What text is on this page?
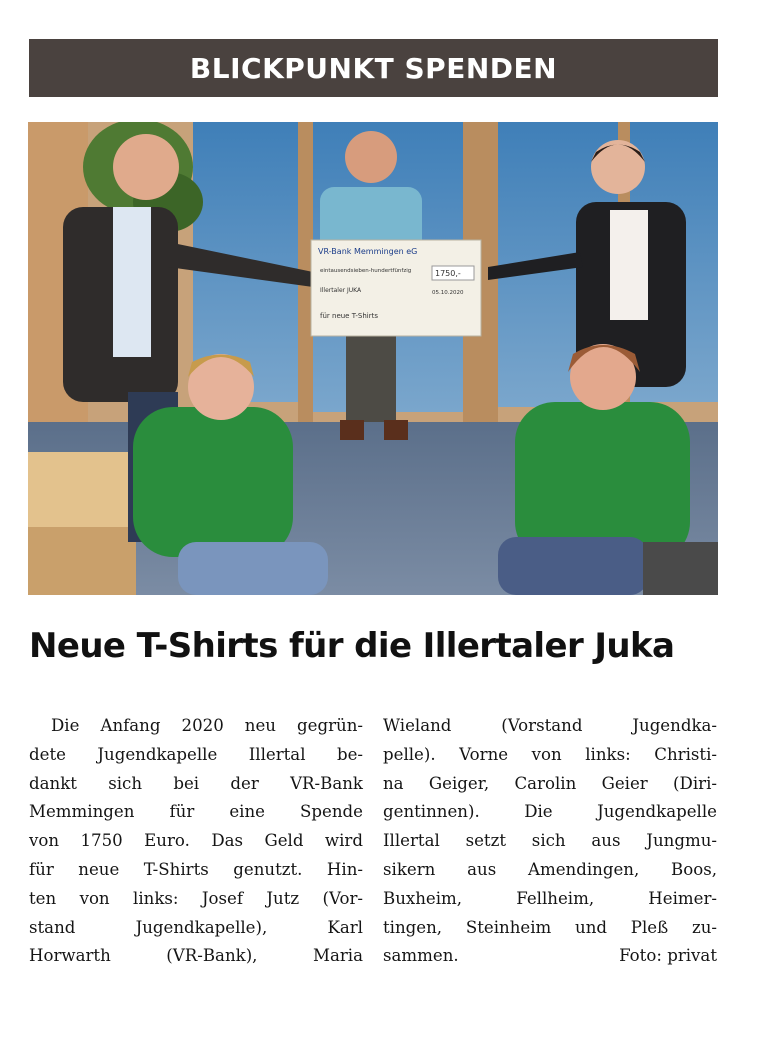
BLICKPUNKT SPENDEN
VR-Bank Memmingen eG
eintausendsieben-hundertfünfzig
Illertaler JUKA
1750,-
05.10.2020
für neue T-Shirts
Neue T-Shirts für die Illertaler Juka
Die Anfang 2020 neu gegrün-
dete Jugendkapelle Illertal be-
dankt sich bei der VR-Bank
Memmingen für eine Spende
von 1750 Euro. Das Geld wird
für neue T-Shirts genutzt. Hin-
ten von links: Josef Jutz (Vor-
stand Jugendkapelle), Karl
Horwarth (VR-Bank), Maria
Wieland (Vorstand Jugendka-
pelle). Vorne von links: Christi-
na Geiger, Carolin Geier (Diri-
gentinnen). Die Jugendkapelle
Illertal setzt sich aus Jungmu-
sikern aus Amendingen, Boos,
Buxheim, Fellheim, Heimer-
tingen, Steinheim und Pleß zu-
sammen.	Foto: privat
